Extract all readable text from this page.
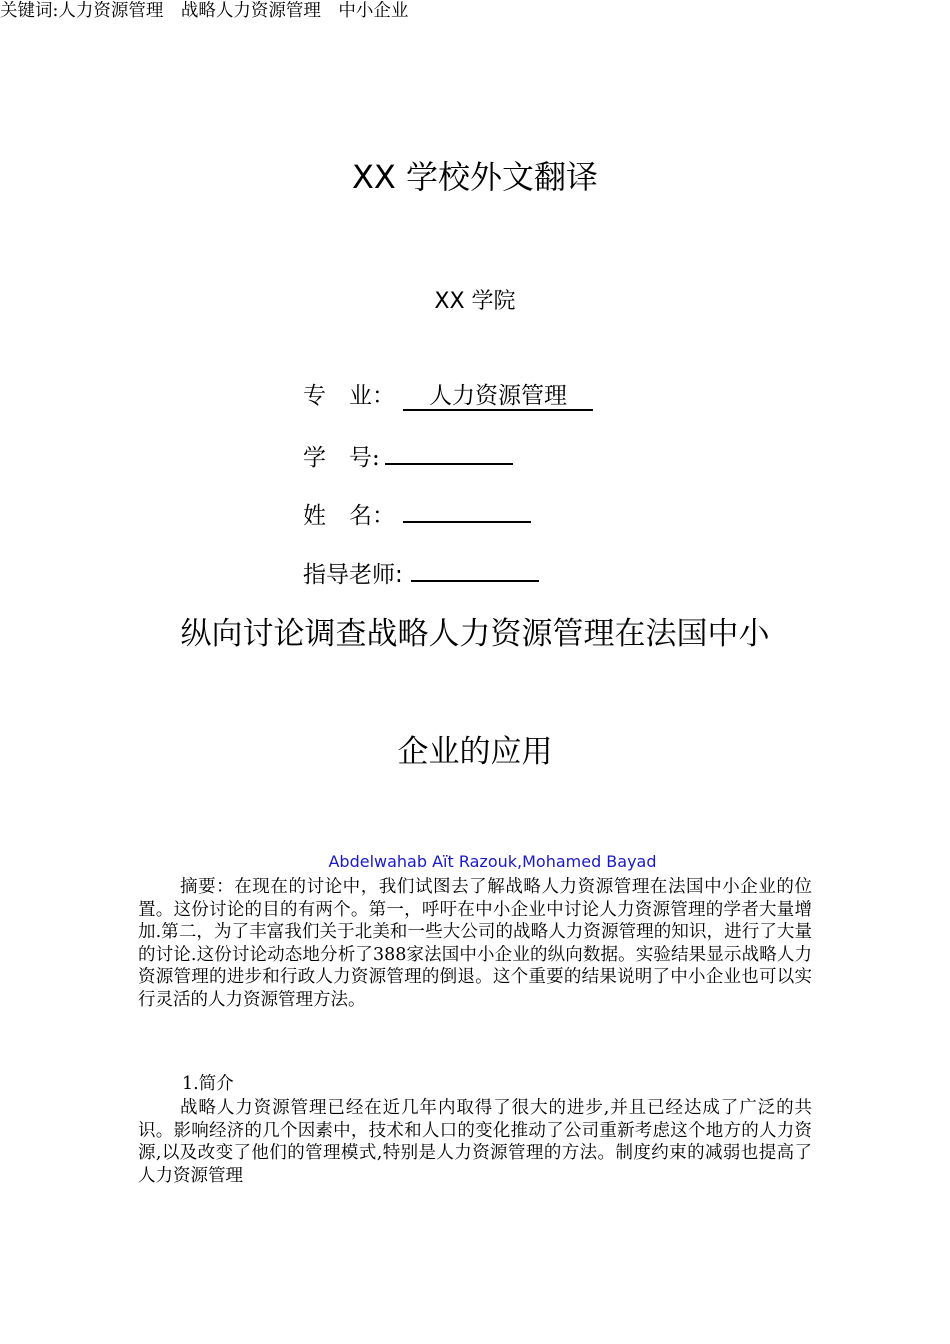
XX 学校外文翻译
XX 学院
专　业： 人力资源管理
学　号:
姓　名：
指导老师:
纵向讨论调查战略人力资源管理在法国中小
企业的应用
Abdelwahab Aït Razouk,Mohamed Bayad

摘要：在现在的讨论中，我们试图去了解战略人力资源管理在法国中小企业的位置。这份讨论的目的有两个。第一，呼吁在中小企业中讨论人力资源管理的学者大量增加.第二，为了丰富我们关于北美和一些大公司的战略人力资源管理的知识，进行了大量的讨论.这份讨论动态地分析了388家法国中小企业的纵向数据。实验结果显示战略人力资源管理的进步和行政人力资源管理的倒退。这个重要的结果说明了中小企业也可以实行灵活的人力资源管理方法。

关键词:人力资源管理　战略人力资源管理　中小企业
1.简介

战略人力资源管理已经在近几年内取得了很大的进步,并且已经达成了广泛的共识。影响经济的几个因素中，技术和人口的变化推动了公司重新考虑这个地方的人力资源,以及改变了他们的管理模式,特别是人力资源管理的方法。制度约束的减弱也提高了人力资源管理
